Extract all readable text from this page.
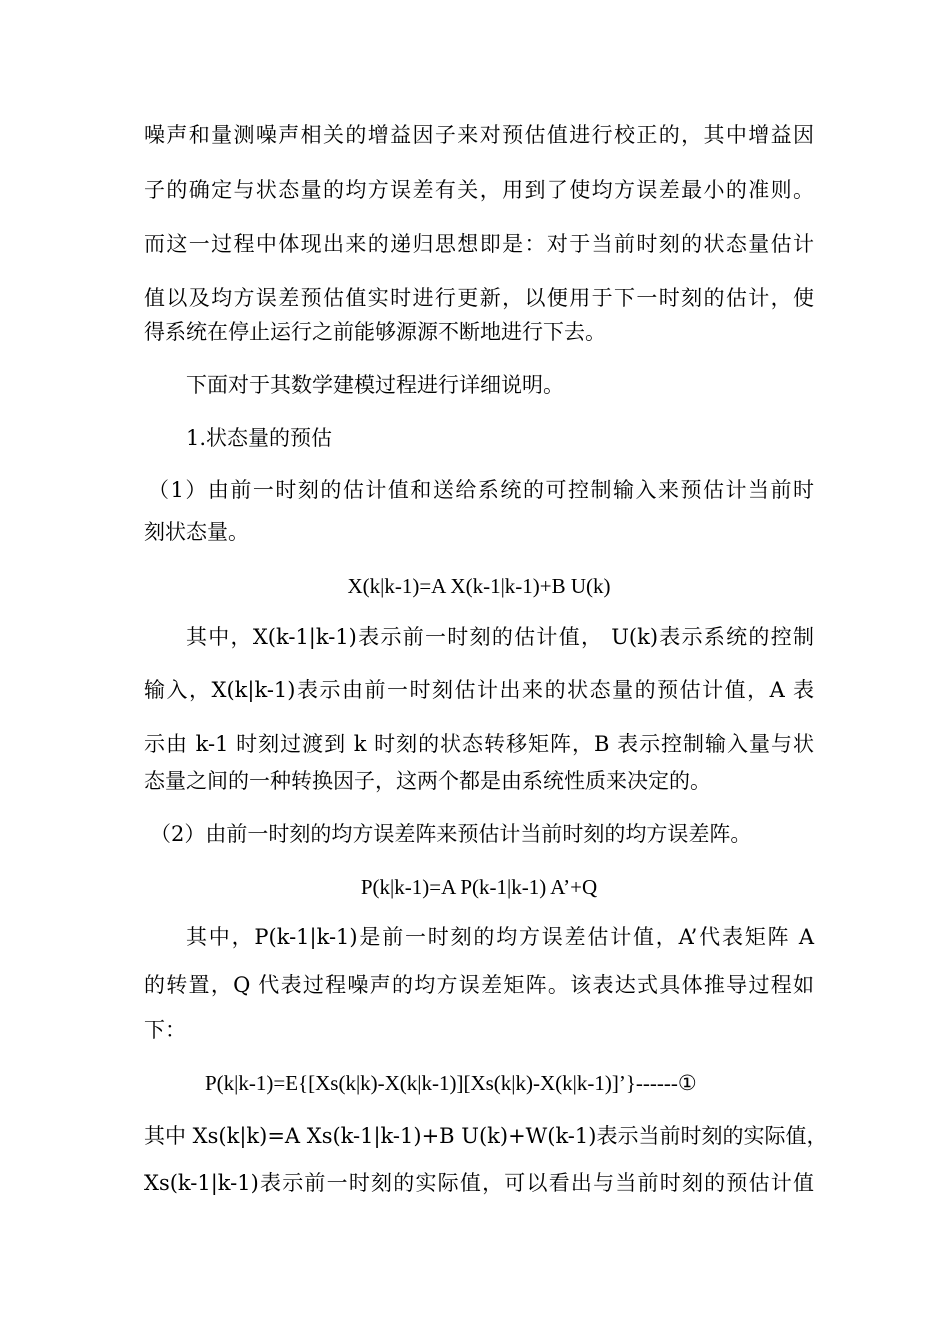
噪声和量测噪声相关的增益因子来对预估值进行校正的，其中增益因
子的确定与状态量的均方误差有关，用到了使均方误差最小的准则。
而这一过程中体现出来的递归思想即是：对于当前时刻的状态量估计
值以及均方误差预估值实时进行更新，以便用于下一时刻的估计，使
得系统在停止运行之前能够源源不断地进行下去。
下面对于其数学建模过程进行详细说明。
1.状态量的预估
（1）由前一时刻的估计值和送给系统的可控制输入来预估计当前时
刻状态量。
X(k|k-1)=A X(k-1|k-1)+B U(k)
其中，X(k-1|k-1)表示前一时刻的估计值， U(k)表示系统的控制
输入，X(k|k-1)表示由前一时刻估计出来的状态量的预估计值，A 表
示由 k-1 时刻过渡到 k 时刻的状态转移矩阵，B 表示控制输入量与状
态量之间的一种转换因子，这两个都是由系统性质来决定的。
（2）由前一时刻的均方误差阵来预估计当前时刻的均方误差阵。
P(k|k-1)=A P(k-1|k-1) A’+Q
其中，P(k-1|k-1)是前一时刻的均方误差估计值，A’代表矩阵 A
的转置，Q 代表过程噪声的均方误差矩阵。该表达式具体推导过程如
下：
P(k|k-1)=E{[Xs(k|k)-X(k|k-1)][Xs(k|k)-X(k|k-1)]’}------①
其中 Xs(k|k)=A Xs(k-1|k-1)+B U(k)+W(k-1)表示当前时刻的实际值，
Xs(k-1|k-1)表示前一时刻的实际值，可以看出与当前时刻的预估计值
